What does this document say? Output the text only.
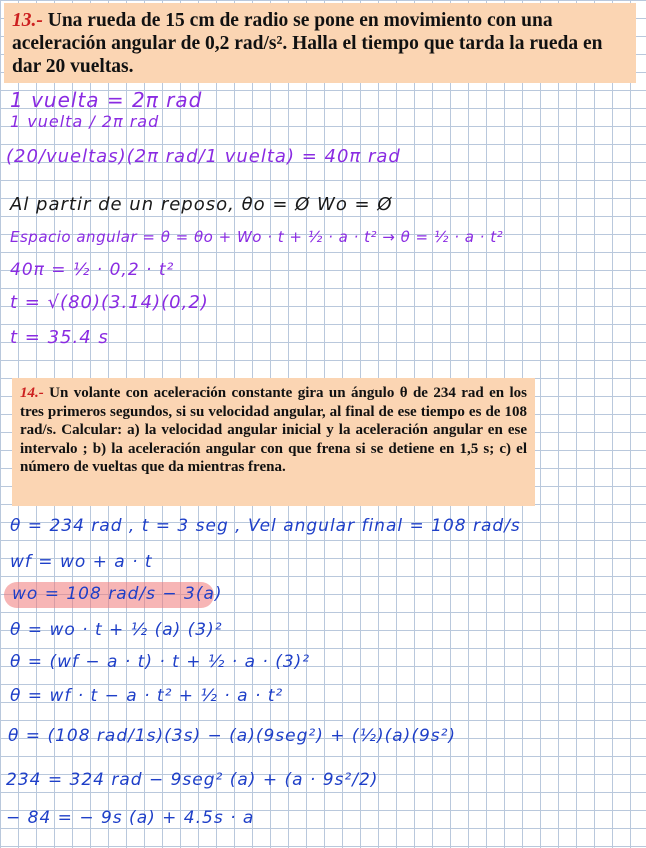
13.- Una rueda de 15 cm de radio se pone en movimiento con una aceleración angular de 0,2 rad/s². Halla el tiempo que tarda la rueda en dar 20 vueltas.
1 vuelta = 2π rad
1 vuelta / 2π rad
(20/vueltas)(2π rad/1 vuelta) = 40π rad
Al partir de un reposo, θo = Ø Wo = Ø
Espacio angular = θ = θo + Wo · t + ½ · a · t² → θ = ½ · a · t²
40π = ½ · 0,2 · t²
t = √(80)(3.14)(0,2)
t = 35.4 s
14.- Un volante con aceleración constante gira un ángulo θ de 234 rad en los tres primeros segundos, si su velocidad angular, al final de ese tiempo es de 108 rad/s. Calcular: a) la velocidad angular inicial y la aceleración angular en ese intervalo ; b) la aceleración angular con que frena si se detiene en 1,5 s; c) el número de vueltas que da mientras frena.
θ = 234 rad , t = 3 seg , Vel angular final = 108 rad/s
wf = wo + a · t
wo = 108 rad/s − 3(a)
θ = wo · t + ½ (a) (3)²
θ = (wf − a · t) · t + ½ · a · (3)²
θ = wf · t − a · t² + ½ · a · t²
θ = (108 rad/1s)(3s) − (a)(9seg²) + (½)(a)(9s²)
234 = 324 rad − 9seg² (a) + (a · 9s²/2)
− 84 = − 9s (a) + 4.5s · a
